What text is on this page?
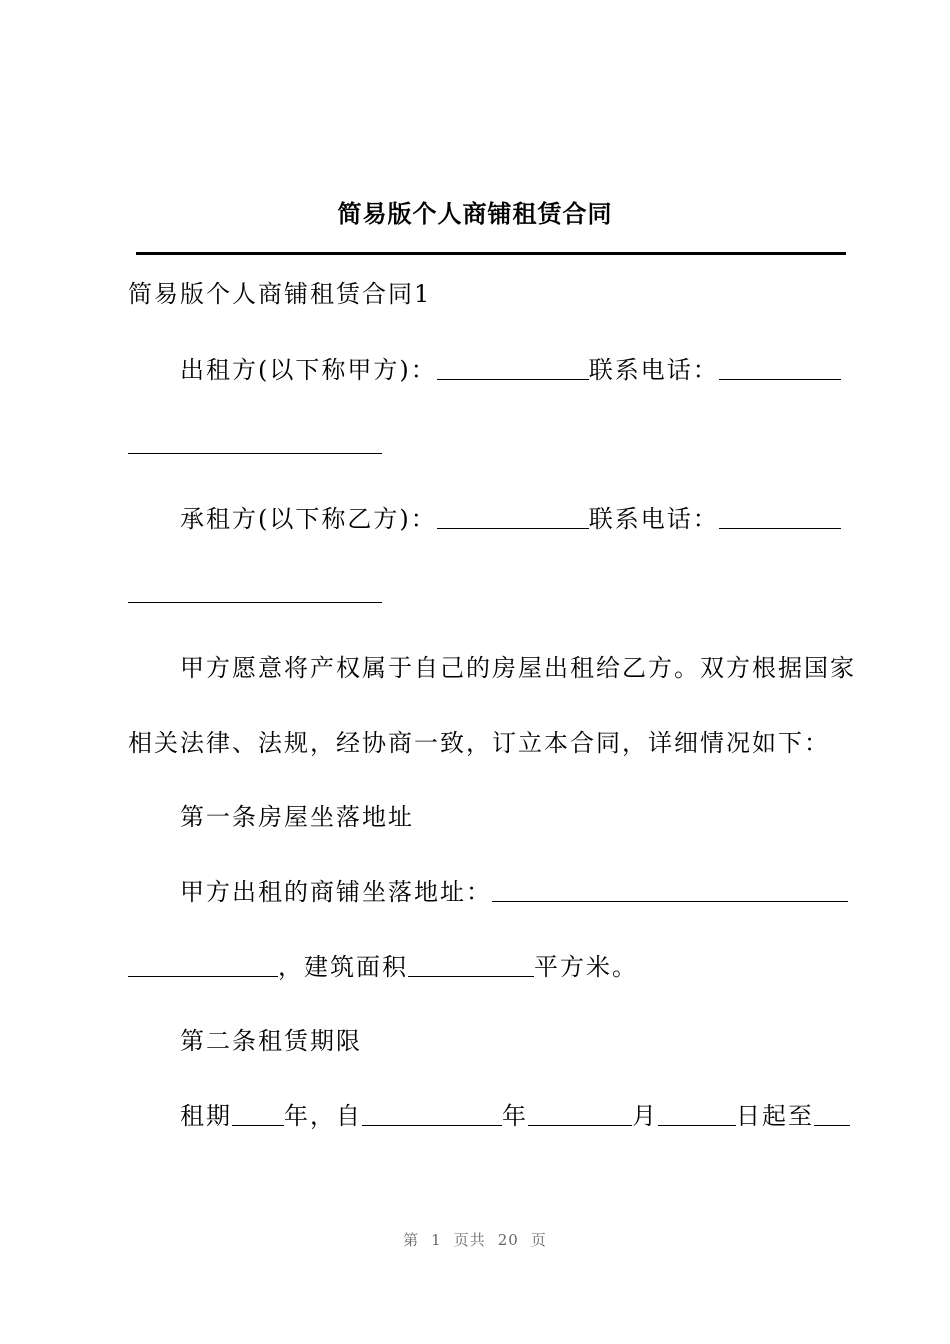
简易版个人商铺租赁合同
简易版个人商铺租赁合同1
出租方(以下称甲方)：	联系电话：
承租方(以下称乙方)：	联系电话：
甲方愿意将产权属于自己的房屋出租给乙方。双方根据国家
相关法律、法规，经协商一致，订立本合同，详细情况如下：
第一条房屋坐落地址
甲方出租的商铺坐落地址：
，建筑面积	平方米。
第二条租赁期限
租期 年，自	年	月	日起至
第 1 页共 20 页
